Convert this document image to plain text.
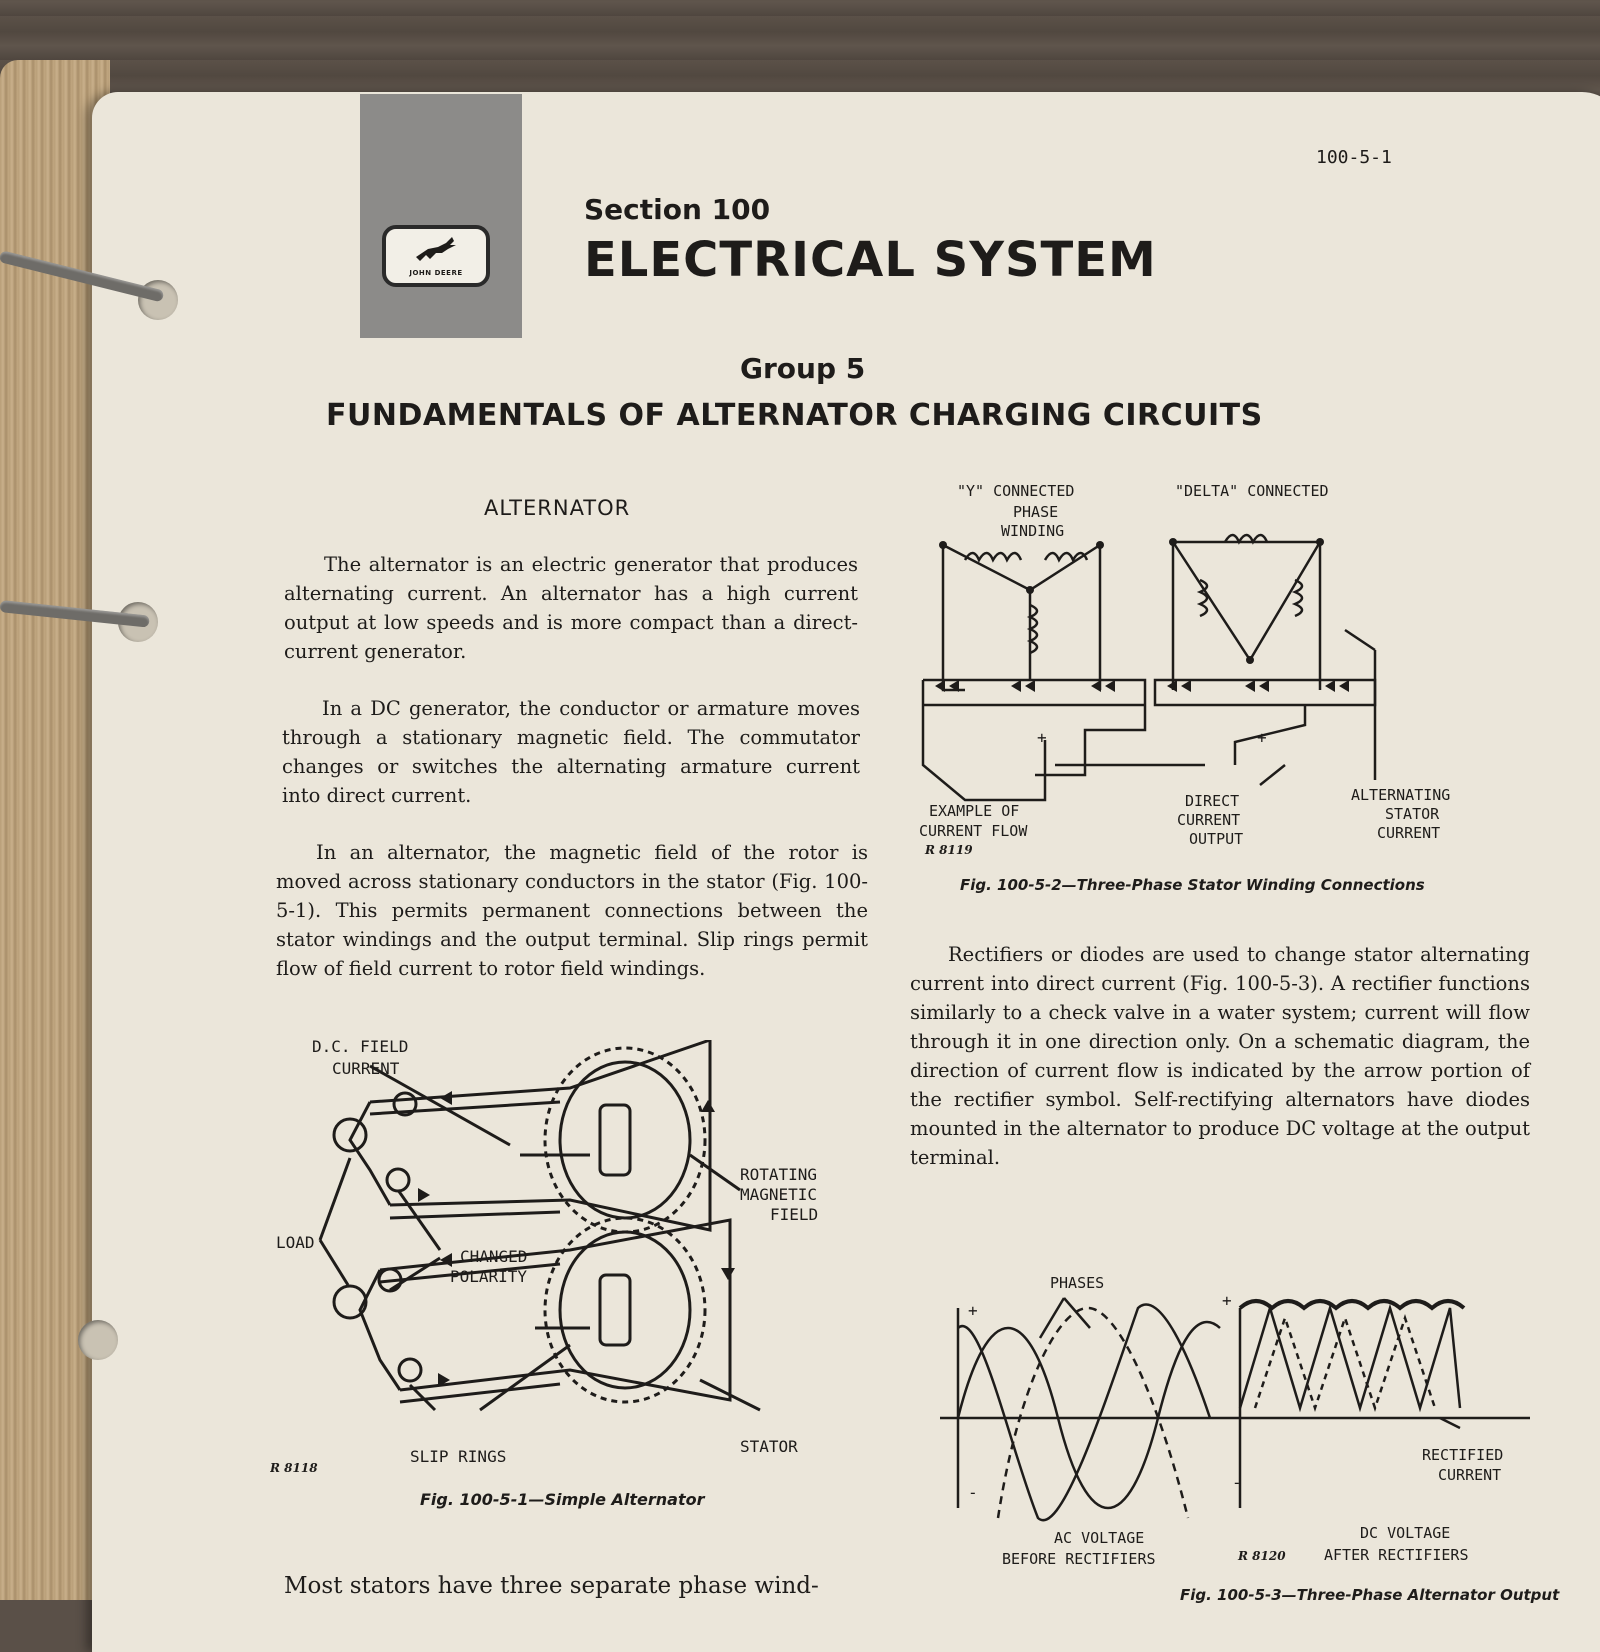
JOHN DEERE
100-5-1
Section 100
ELECTRICAL SYSTEM
Group 5
FUNDAMENTALS OF ALTERNATOR CHARGING CIRCUITS
ALTERNATOR

The alternator is an electric generator that produces alternating current. An alternator has a high current output at low speeds and is more compact than a direct-current generator.

In a DC generator, the conductor or armature moves through a stationary magnetic field. The commutator changes or switches the alternating armature current into direct current.

In an alternator, the magnetic field of the rotor is moved across stationary conductors in the stator (Fig. 100-5-1). This permits permanent connections between the stator windings and the output terminal. Slip rings permit flow of field current to rotor field windings.

D.C. FIELD
CURRENT
ROTATING
MAGNETIC
FIELD
LOAD
CHANGED
POLARITY
SLIP RINGS
STATOR
R 8118
Fig. 100-5-1—Simple Alternator
+	+
"Y" CONNECTED
PHASE
WINDING
"DELTA" CONNECTED
EXAMPLE OF
CURRENT FLOW
R 8119
DIRECT
CURRENT
OUTPUT
ALTERNATING
STATOR
CURRENT
Fig. 100-5-2—Three-Phase Stator Winding Connections

Rectifiers or diodes are used to change stator alternating current into direct current (Fig. 100-5-3). A rectifier functions similarly to a check valve in a water system; current will flow through it in one direction only. On a schematic diagram, the direction of current flow is indicated by the arrow portion of the rectifier symbol. Self-rectifying alternators have diodes mounted in the alternator to produce DC voltage at the output terminal.

PHASES
+
-
+
-
RECTIFIED
CURRENT
AC VOLTAGE
BEFORE RECTIFIERS	R 8120
DC VOLTAGE
AFTER RECTIFIERS
Fig. 100-5-3—Three-Phase Alternator Output

Most stators have three separate phase wind-
